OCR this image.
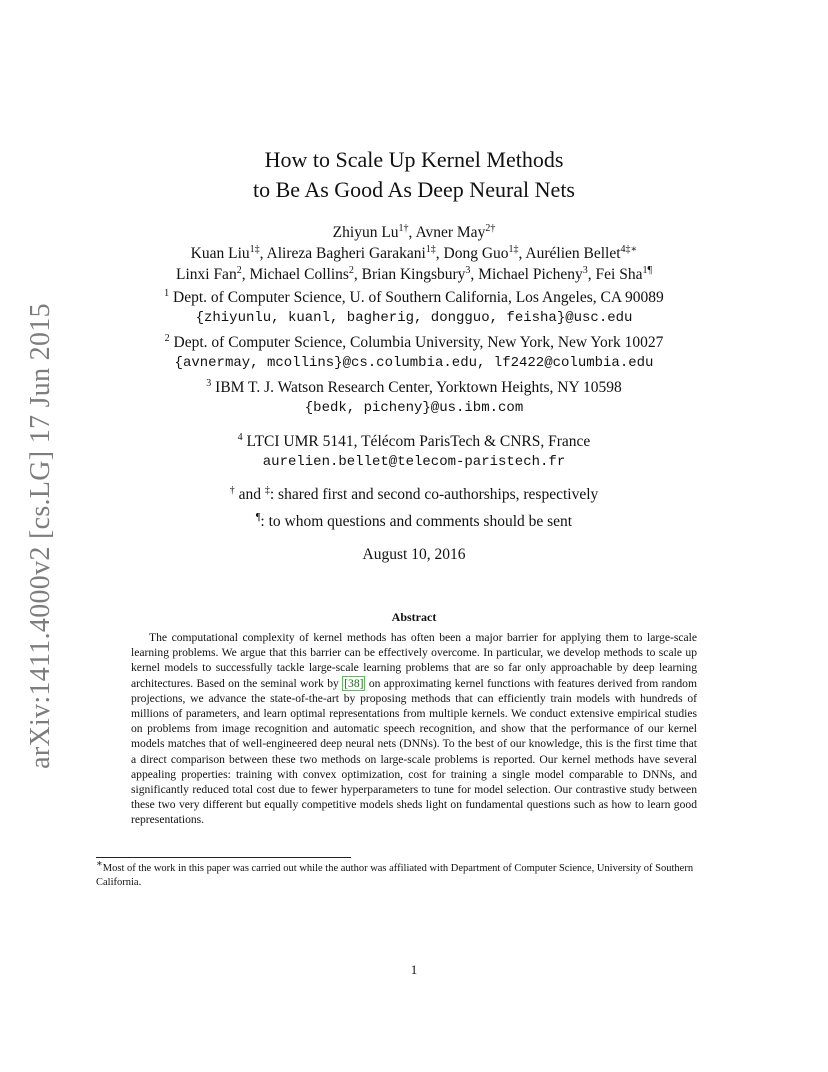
arXiv:1411.4000v2 [cs.LG] 17 Jun 2015
How to Scale Up Kernel Methods
to Be As Good As Deep Neural Nets
Zhiyun $Lu^{1\dagger}$, Avner May$^{2\dagger}$
Kuan Liu$^{1\ddagger}$, Alireza Bagheri Garakani$^{1\ddagger}$, Dong Guo$^{1\ddagger}$, Aurélien Bellet$^{4\ddagger∗}$
Linxi Fan$^2$, Michael Collins$^2$, Brian Kingsbury$^3$, Michael Picheny$^3$, Fei Sha$^{1\P}$
$^1$ Dept. of Computer Science, U. of Southern California, Los Angeles, CA 90089
{zhiyunlu, kuanl, bagherig, dongguo, feisha}@usc.edu
$^2$ Dept. of Computer Science, Columbia University, New York, New York 10027
{avnermay, mcollins}@cs.columbia.edu, lf2422@columbia.edu
$^3$ IBM T. J. Watson Research Center, Yorktown Heights, NY 10598
{bedk, picheny}@us.ibm.com
$^4$ LTCI UMR 5141, Télécom ParisTech & CNRS, France
aurelien.bellet@telecom-paristech.fr
† and ‡: shared first and second co-authorships, respectively
¶: to whom questions and comments should be sent
August 10, 2016
Abstract

The computational complexity of kernel methods has often been a major barrier for applying them to large-scale learning problems. We argue that this barrier can be effectively overcome. In particular, we develop methods to scale up kernel models to successfully tackle large-scale learning problems that are so far only approachable by deep learning architectures. Based on the seminal work by [38] on approximating kernel functions with features derived from random projections, we advance the state-of-the-art by proposing methods that can efficiently train models with hundreds of millions of parameters, and learn optimal representations from multiple kernels. We conduct extensive empirical studies on problems from image recognition and automatic speech recognition, and show that the performance of our kernel models matches that of well-engineered deep neural nets (DNNs). To the best of our knowledge, this is the first time that a direct comparison between these two methods on large-scale problems is reported. Our kernel methods have several appealing properties: training with convex optimization, cost for training a single model comparable to DNNs, and significantly reduced total cost due to fewer hyperparameters to tune for model selection. Our contrastive study between these two very different but equally competitive models sheds light on fundamental questions such as how to learn good representations.

∗Most of the work in this paper was carried out while the author was affiliated with Department of Computer Science, University of Southern California.

1
